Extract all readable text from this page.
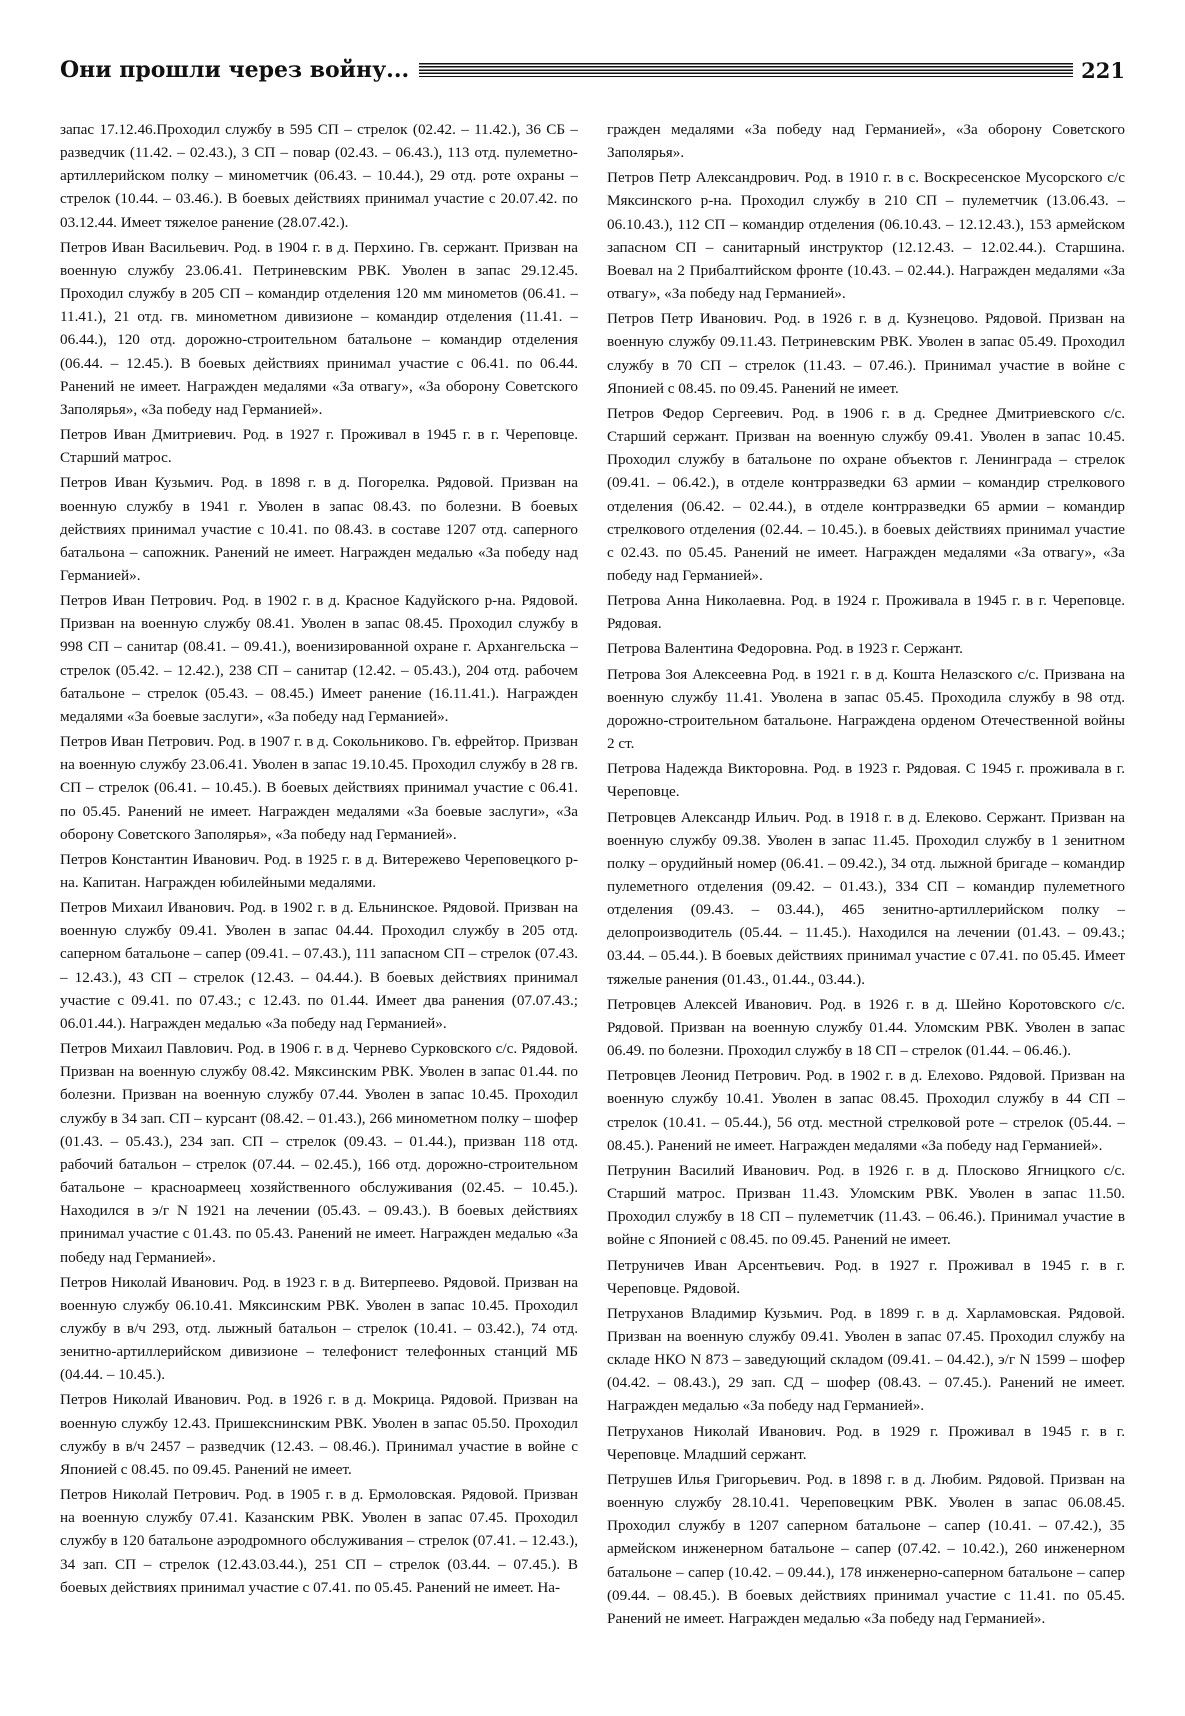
Они прошли через войну...	221

запас 17.12.46.Проходил службу в 595 СП – стрелок (02.42. – 11.42.), 36 СБ – разведчик (11.42. – 02.43.), 3 СП – повар (02.43. – 06.43.), 113 отд. пулеметно-артиллерийском полку – минометчик (06.43. – 10.44.), 29 отд. роте охраны – стрелок (10.44. – 03.46.). В боевых действиях принимал участие с 20.07.42. по 03.12.44. Имеет тяжелое ранение (28.07.42.).

Петров Иван Васильевич. Род. в 1904 г. в д. Перхино. Гв. сержант. Призван на военную службу 23.06.41. Петриневским РВК. Уволен в запас 29.12.45. Проходил службу в 205 СП – командир отделения 120 мм минометов (06.41. – 11.41.), 21 отд. гв. минометном дивизионе – командир отделения (11.41. – 06.44.), 120 отд. дорожно-строительном батальоне – командир отделения (06.44. – 12.45.). В боевых действиях принимал участие с 06.41. по 06.44. Ранений не имеет. Награжден медалями «За отвагу», «За оборону Советского Заполярья», «За победу над Германией».

Петров Иван Дмитриевич. Род. в 1927 г. Проживал в 1945 г. в г. Череповце. Старший матрос.

Петров Иван Кузьмич. Род. в 1898 г. в д. Погорелка. Рядовой. Призван на военную службу в 1941 г. Уволен в запас 08.43. по болезни. В боевых действиях принимал участие с 10.41. по 08.43. в составе 1207 отд. саперного батальона – сапожник. Ранений не имеет. Награжден медалью «За победу над Германией».

Петров Иван Петрович. Род. в 1902 г. в д. Красное Кадуйского р-на. Рядовой. Призван на военную службу 08.41. Уволен в запас 08.45. Проходил службу в 998 СП – санитар (08.41. – 09.41.), военизированной охране г. Архангельска – стрелок (05.42. – 12.42.), 238 СП – санитар (12.42. – 05.43.), 204 отд. рабочем батальоне – стрелок (05.43. – 08.45.) Имеет ранение (16.11.41.). Награжден медалями «За боевые заслуги», «За победу над Германией».

Петров Иван Петрович. Род. в 1907 г. в д. Сокольниково. Гв. ефрейтор. Призван на военную службу 23.06.41. Уволен в запас 19.10.45. Проходил службу в 28 гв. СП – стрелок (06.41. – 10.45.). В боевых действиях принимал участие с 06.41. по 05.45. Ранений не имеет. Награжден медалями «За боевые заслуги», «За оборону Советского Заполярья», «За победу над Германией».

Петров Константин Иванович. Род. в 1925 г. в д. Витережево Череповецкого р-на. Капитан. Награжден юбилейными медалями.

Петров Михаил Иванович. Род. в 1902 г. в д. Ельнинское. Рядовой. Призван на военную службу 09.41. Уволен в запас 04.44. Проходил службу в 205 отд. саперном батальоне – сапер (09.41. – 07.43.), 111 запасном СП – стрелок (07.43. – 12.43.), 43 СП – стрелок (12.43. – 04.44.). В боевых действиях принимал участие с 09.41. по 07.43.; с 12.43. по 01.44. Имеет два ранения (07.07.43.; 06.01.44.). Награжден медалью «За победу над Германией».

Петров Михаил Павлович. Род. в 1906 г. в д. Чернево Сурковского с/с. Рядовой. Призван на военную службу 08.42. Мяксинским РВК. Уволен в запас 01.44. по болезни. Призван на военную службу 07.44. Уволен в запас 10.45. Проходил службу в 34 зап. СП – курсант (08.42. – 01.43.), 266 минометном полку – шофер (01.43. – 05.43.), 234 зап. СП – стрелок (09.43. – 01.44.), призван 118 отд. рабочий батальон – стрелок (07.44. – 02.45.), 166 отд. дорожно-строительном батальоне – красноармеец хозяйственного обслуживания (02.45. – 10.45.). Находился в э/г N 1921 на лечении (05.43. – 09.43.). В боевых действиях принимал участие с 01.43. по 05.43. Ранений не имеет. Награжден медалью «За победу над Германией».

Петров Николай Иванович. Род. в 1923 г. в д. Витерпеево. Рядовой. Призван на военную службу 06.10.41. Мяксинским РВК. Уволен в запас 10.45. Проходил службу в в/ч 293, отд. лыжный батальон – стрелок (10.41. – 03.42.), 74 отд. зенитно-артиллерийском дивизионе – телефонист телефонных станций МБ (04.44. – 10.45.).

Петров Николай Иванович. Род. в 1926 г. в д. Мокрица. Рядовой. Призван на военную службу 12.43. Пришекснинским РВК. Уволен в запас 05.50. Проходил службу в в/ч 2457 – разведчик (12.43. – 08.46.). Принимал участие в войне с Японией с 08.45. по 09.45. Ранений не имеет.

Петров Николай Петрович. Род. в 1905 г. в д. Ермоловская. Рядовой. Призван на военную службу 07.41. Казанским РВК. Уволен в запас 07.45. Проходил службу в 120 батальоне аэродромного обслуживания – стрелок (07.41. – 12.43.), 34 зап. СП – стрелок (12.43.03.44.), 251 СП – стрелок (03.44. – 07.45.). В боевых действиях принимал участие с 07.41. по 05.45. Ранений не имеет. На-

гражден медалями «За победу над Германией», «За оборону Советского Заполярья».

Петров Петр Александрович. Род. в 1910 г. в с. Воскресенское Мусорского с/с Мяксинского р-на. Проходил службу в 210 СП – пулеметчик (13.06.43. – 06.10.43.), 112 СП – командир отделения (06.10.43. – 12.12.43.), 153 армейском запасном СП – санитарный инструктор (12.12.43. – 12.02.44.). Старшина. Воевал на 2 Прибалтийском фронте (10.43. – 02.44.). Награжден медалями «За отвагу», «За победу над Германией».

Петров Петр Иванович. Род. в 1926 г. в д. Кузнецово. Рядовой. Призван на военную службу 09.11.43. Петриневским РВК. Уволен в запас 05.49. Проходил службу в 70 СП – стрелок (11.43. – 07.46.). Принимал участие в войне с Японией с 08.45. по 09.45. Ранений не имеет.

Петров Федор Сергеевич. Род. в 1906 г. в д. Среднее Дмитриевского с/с. Старший сержант. Призван на военную службу 09.41. Уволен в запас 10.45. Проходил службу в батальоне по охране объектов г. Ленинграда – стрелок (09.41. – 06.42.), в отделе контрразведки 63 армии – командир стрелкового отделения (06.42. – 02.44.), в отделе контрразведки 65 армии – командир стрелкового отделения (02.44. – 10.45.). в боевых действиях принимал участие с 02.43. по 05.45. Ранений не имеет. Награжден медалями «За отвагу», «За победу над Германией».

Петрова Анна Николаевна. Род. в 1924 г. Проживала в 1945 г. в г. Череповце. Рядовая.

Петрова Валентина Федоровна. Род. в 1923 г. Сержант.

Петрова Зоя Алексеевна Род. в 1921 г. в д. Кошта Нелазского с/с. Призвана на военную службу 11.41. Уволена в запас 05.45. Проходила службу в 98 отд. дорожно-строительном батальоне. Награждена орденом Отечественной войны 2 ст.

Петрова Надежда Викторовна. Род. в 1923 г. Рядовая. С 1945 г. проживала в г. Череповце.

Петровцев Александр Ильич. Род. в 1918 г. в д. Елеково. Сержант. Призван на военную службу 09.38. Уволен в запас 11.45. Проходил службу в 1 зенитном полку – орудийный номер (06.41. – 09.42.), 34 отд. лыжной бригаде – командир пулеметного отделения (09.42. – 01.43.), 334 СП – командир пулеметного отделения (09.43. – 03.44.), 465 зенитно-артиллерийском полку – делопроизводитель (05.44. – 11.45.). Находился на лечении (01.43. – 09.43.; 03.44. – 05.44.). В боевых действиях принимал участие с 07.41. по 05.45. Имеет тяжелые ранения (01.43., 01.44., 03.44.).

Петровцев Алексей Иванович. Род. в 1926 г. в д. Шейно Коротовского с/с. Рядовой. Призван на военную службу 01.44. Уломским РВК. Уволен в запас 06.49. по болезни. Проходил службу в 18 СП – стрелок (01.44. – 06.46.).

Петровцев Леонид Петрович. Род. в 1902 г. в д. Елехово. Рядовой. Призван на военную службу 10.41. Уволен в запас 08.45. Проходил службу в 44 СП – стрелок (10.41. – 05.44.), 56 отд. местной стрелковой роте – стрелок (05.44. – 08.45.). Ранений не имеет. Награжден медалями «За победу над Германией».

Петрунин Василий Иванович. Род. в 1926 г. в д. Плосково Ягницкого с/с. Старший матрос. Призван 11.43. Уломским РВК. Уволен в запас 11.50. Проходил службу в 18 СП – пулеметчик (11.43. – 06.46.). Принимал участие в войне с Японией с 08.45. по 09.45. Ранений не имеет.

Петруничев Иван Арсентьевич. Род. в 1927 г. Проживал в 1945 г. в г. Череповце. Рядовой.

Петруханов Владимир Кузьмич. Род. в 1899 г. в д. Харламовская. Рядовой. Призван на военную службу 09.41. Уволен в запас 07.45. Проходил службу на складе НКО N 873 – заведующий складом (09.41. – 04.42.), э/г N 1599 – шофер (04.42. – 08.43.), 29 зап. СД – шофер (08.43. – 07.45.). Ранений не имеет. Награжден медалью «За победу над Германией».

Петруханов Николай Иванович. Род. в 1929 г. Проживал в 1945 г. в г. Череповце. Младший сержант.

Петрушев Илья Григорьевич. Род. в 1898 г. в д. Любим. Рядовой. Призван на военную службу 28.10.41. Череповецким РВК. Уволен в запас 06.08.45. Проходил службу в 1207 саперном батальоне – сапер (10.41. – 07.42.), 35 армейском инженерном батальоне – сапер (07.42. – 10.42.), 260 инженерном батальоне – сапер (10.42. – 09.44.), 178 инженерно-саперном батальоне – сапер (09.44. – 08.45.). В боевых действиях принимал участие с 11.41. по 05.45. Ранений не имеет. Награжден медалью «За победу над Германией».
